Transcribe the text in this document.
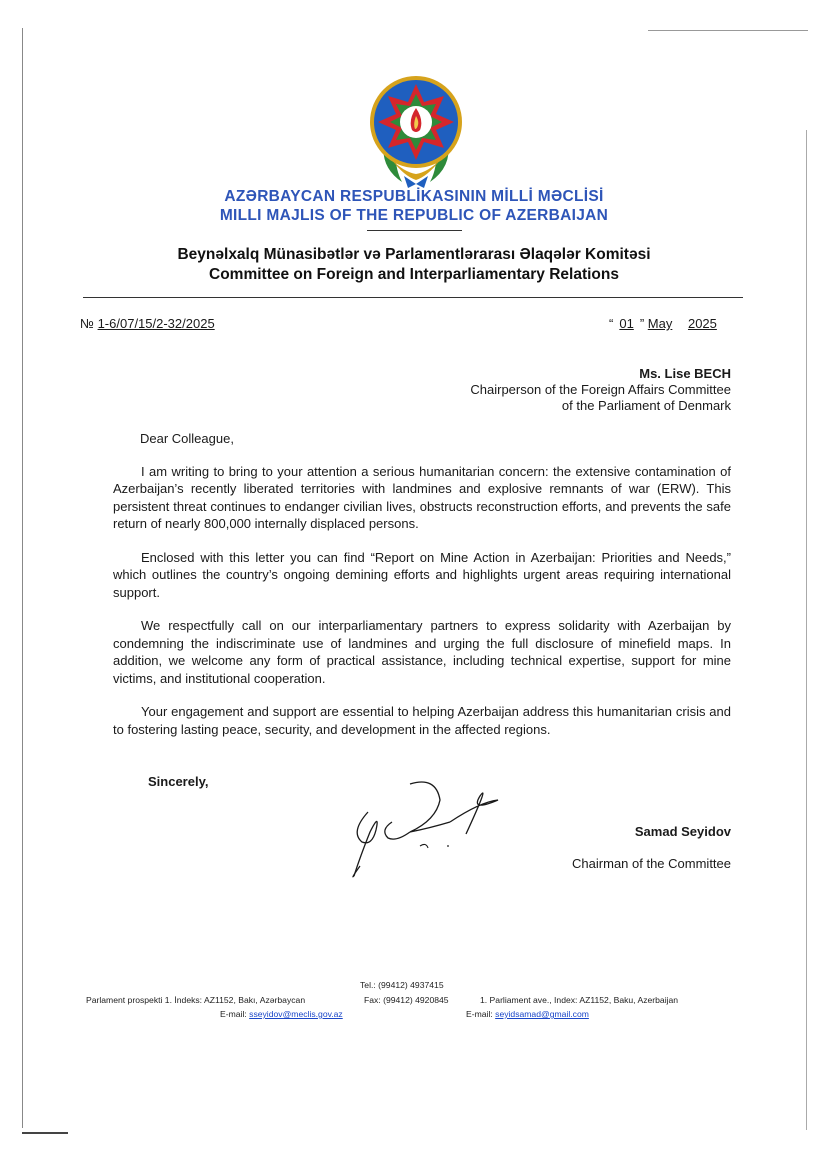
AZƏRBAYCAN RESPUBLİKASININ MİLLİ MƏCLİSİ
MILLI MAJLIS OF THE REPUBLIC OF AZERBAIJAN
Beynəlxalq Münasibətlər və Parlamentlərarası Əlaqələr Komitəsi
Committee on Foreign and Interparliamentary Relations
№ 1-6/07/15/2-32/2025	“ 01 ” May 2025
Ms. Lise BECH
Chairperson of the Foreign Affairs Committee
of the Parliament of Denmark

Dear Colleague,

I am writing to bring to your attention a serious humanitarian concern: the extensive contamination of Azerbaijan’s recently liberated territories with landmines and explosive remnants of war (ERW). This persistent threat continues to endanger civilian lives, obstructs reconstruction efforts, and prevents the safe return of nearly 800,000 internally displaced persons.

Enclosed with this letter you can find “Report on Mine Action in Azerbaijan: Priorities and Needs,” which outlines the country’s ongoing demining efforts and highlights urgent areas requiring international support.

We respectfully call on our interparliamentary partners to express solidarity with Azerbaijan by condemning the indiscriminate use of landmines and urging the full disclosure of minefield maps. In addition, we welcome any form of practical assistance, including technical expertise, support for mine victims, and institutional cooperation.

Your engagement and support are essential to helping Azerbaijan address this humanitarian crisis and to fostering lasting peace, security, and development in the affected regions.

Sincerely,
Samad Seyidov
Chairman of the Committee
Tel.: (99412) 4937415
Parlament prospekti 1. İndeks: AZ1152, Bakı, Azərbaycan	Fax: (99412) 4920845	1. Parliament ave., Index: AZ1152, Baku, Azerbaijan
E-mail: sseyidov@meclis.gov.az	E-mail: seyidsamad@gmail.com
